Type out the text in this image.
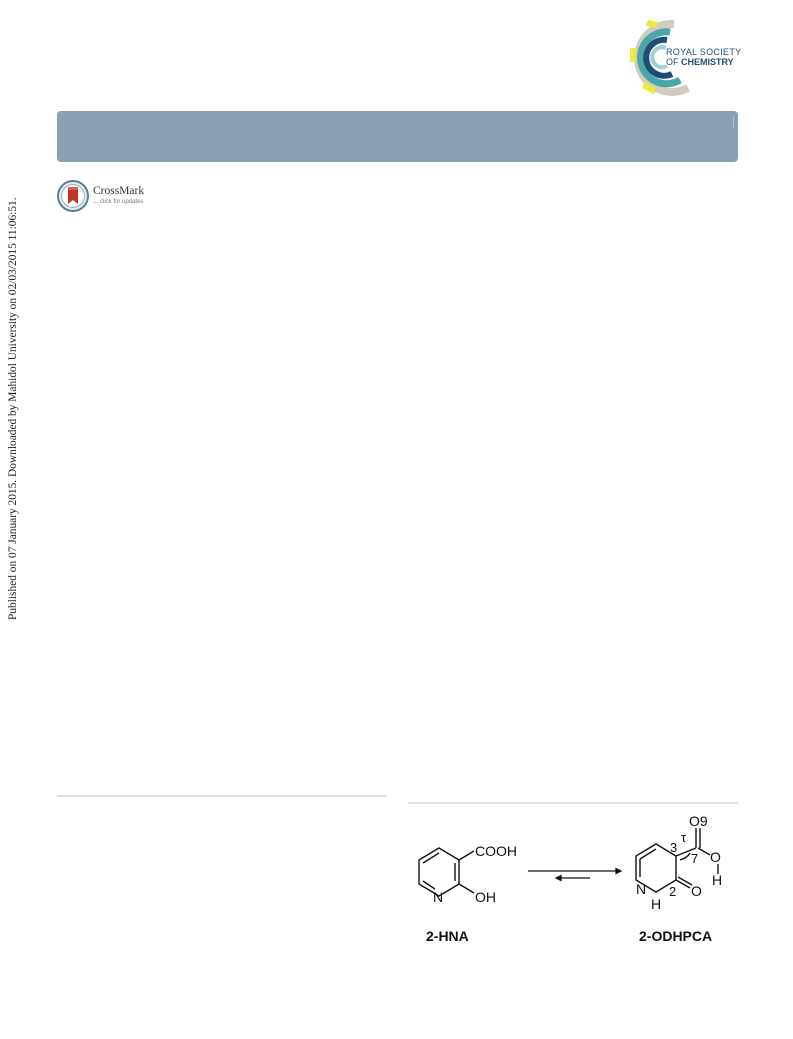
ROYAL SOCIETY
OF CHEMISTRY
CrossMark
←click for updates
Published on 07 January 2015. Downloaded by Mahidol University on 02/03/2015 11:06:51.
COOH
N OH
2-HNA
O9
3
τ
7 O
H
N
H
2 O
2-ODHPCA
